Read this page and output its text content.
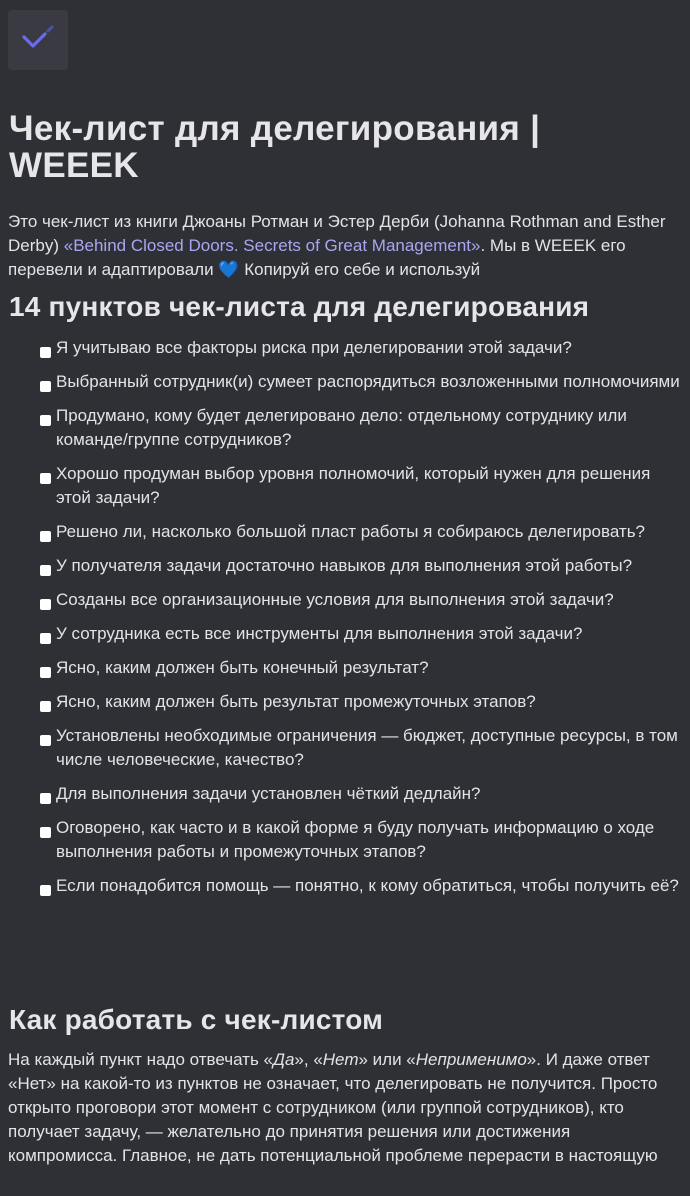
Чек-лист для делегирования | WEEEK

Это чек-лист из книги Джоаны Ротман и Эстер Дерби (Johanna Rothman and Esther Derby) «Behind Closed Doors. Secrets of Great Management». Мы в WEEEK его перевели и адаптировали 💙 Копируй его себе и используй

14 пунктов чек-листа для делегирования
Я учитываю все факторы риска при делегировании этой задачи?
Выбранный сотрудник(и) сумеет распорядиться возложенными полномочиями
Продумано, кому будет делегировано дело: отдельному сотруднику или команде/группе сотрудников?
Хорошо продуман выбор уровня полномочий, который нужен для решения этой задачи?
Решено ли, насколько большой пласт работы я собираюсь делегировать?
У получателя задачи достаточно навыков для выполнения этой работы?
Созданы все организационные условия для выполнения этой задачи?
У сотрудника есть все инструменты для выполнения этой задачи?
Ясно, каким должен быть конечный результат?
Ясно, каким должен быть результат промежуточных этапов?
Установлены необходимые ограничения — бюджет, доступные ресурсы, в том числе человеческие, качество?
Для выполнения задачи установлен чёткий дедлайн?
Оговорено, как часто и в какой форме я буду получать информацию о ходе выполнения работы и промежуточных этапов?
Если понадобится помощь — понятно, к кому обратиться, чтобы получить её?
Как работать с чек-листом

На каждый пункт надо отвечать «Да», «Нет» или «Неприменимо». И даже ответ «Нет» на какой-то из пунктов не означает, что делегировать не получится. Просто открыто проговори этот момент с сотрудником (или группой сотрудников), кто получает задачу, — желательно до принятия решения или достижения компромисса. Главное, не дать потенциальной проблеме перерасти в настоящую
